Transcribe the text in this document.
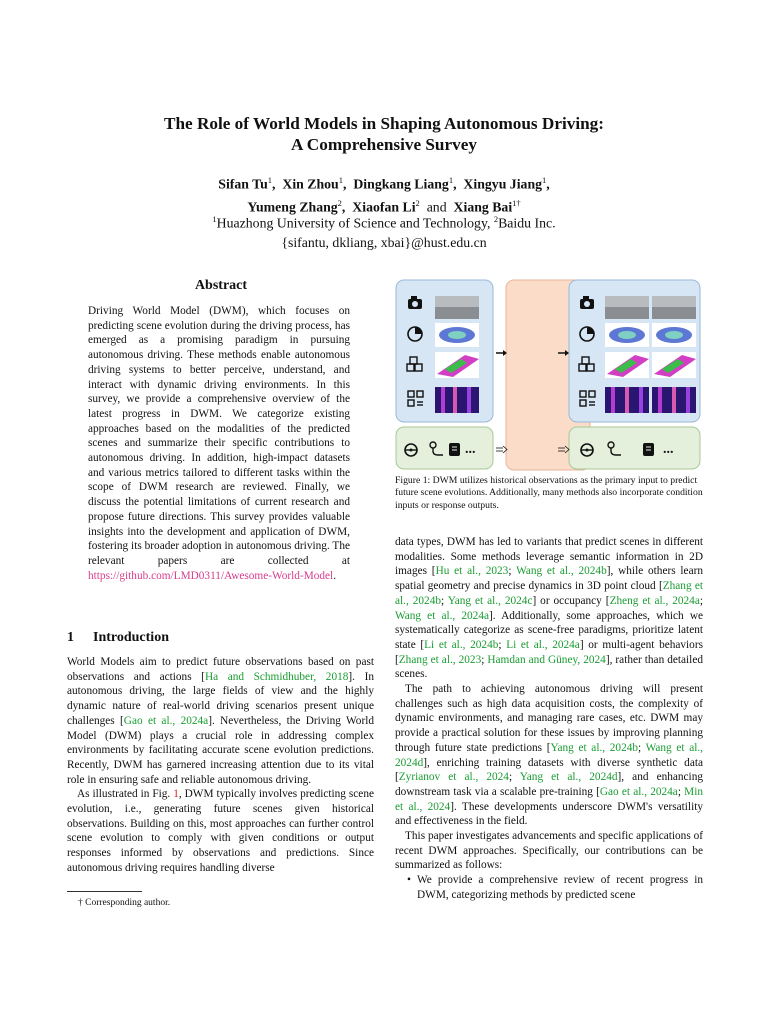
The Role of World Models in Shaping Autonomous Driving:
A Comprehensive Survey
Sifan Tu$^1$,  Xin Zhou$^1$,  Dingkang Liang$^1$,  Xingyu Jiang$^1$,
Yumeng Zhang$^2$,  Xiaofan Li$^2$ and Xiang Bai$^{1\dagger}$
$^1$Huazhong University of Science and Technology, $^2$Baidu Inc.
{sifantu, dkliang, xbai}@hust.edu.cn
Abstract
Driving World Model (DWM), which focuses on predicting scene evolution during the driving process, has emerged as a promising paradigm in pursuing autonomous driving. These methods enable autonomous driving systems to better perceive, understand, and interact with dynamic driving environments. In this survey, we provide a comprehensive overview of the latest progress in DWM. We categorize existing approaches based on the modalities of the predicted scenes and summarize their specific contributions to autonomous driving. In addition, high-impact datasets and various metrics tailored to different tasks within the scope of DWM research are reviewed. Finally, we discuss the potential limitations of current research and propose future directions. This survey provides valuable insights into the development and application of DWM, fostering its broader adoption in autonomous driving. The relevant papers are collected at https://github.com/LMD0311/Awesome-World-Model.
1 Introduction

World Models aim to predict future observations based on past observations and actions [Ha and Schmidhuber, 2018]. In autonomous driving, the large fields of view and the highly dynamic nature of real-world driving scenarios present unique challenges [Gao et al., 2024a]. Nevertheless, the Driving World Model (DWM) plays a crucial role in addressing complex environments by facilitating accurate scene evolution predictions. Recently, DWM has garnered increasing attention due to its vital role in ensuring safe and reliable autonomous driving.

As illustrated in Fig. 1, DWM typically involves predicting scene evolution, i.e., generating future scenes given historical observations. Building on this, most approaches can further control scene evolution to comply with given conditions or output responses informed by observations and predictions. Since autonomous driving requires handling diverse

† Corresponding author.
...	...
Figure 1: DWM utilizes historical observations as the primary input to predict future scene evolutions. Additionally, many methods also incorporate condition inputs or response outputs.

data types, DWM has led to variants that predict scenes in different modalities. Some methods leverage semantic information in 2D images [Hu et al., 2023; Wang et al., 2024b], while others learn spatial geometry and precise dynamics in 3D point cloud [Zhang et al., 2024b; Yang et al., 2024c] or occupancy [Zheng et al., 2024a; Wang et al., 2024a]. Additionally, some approaches, which we systematically categorize as scene-free paradigms, prioritize latent state [Li et al., 2024b; Li et al., 2024a] or multi-agent behaviors [Zhang et al., 2023; Hamdan and Güney, 2024], rather than detailed scenes.

The path to achieving autonomous driving will present challenges such as high data acquisition costs, the complexity of dynamic environments, and managing rare cases, etc. DWM may provide a practical solution for these issues by improving planning through future state predictions [Yang et al., 2024b; Wang et al., 2024d], enriching training datasets with diverse synthetic data [Zyrianov et al., 2024; Yang et al., 2024d], and enhancing downstream task via a scalable pre-training [Gao et al., 2024a; Min et al., 2024]. These developments underscore DWM's versatility and effectiveness in the field.

This paper investigates advancements and specific applications of recent DWM approaches. Specifically, our contributions can be summarized as follows:

• We provide a comprehensive review of recent progress in DWM, categorizing methods by predicted scene
